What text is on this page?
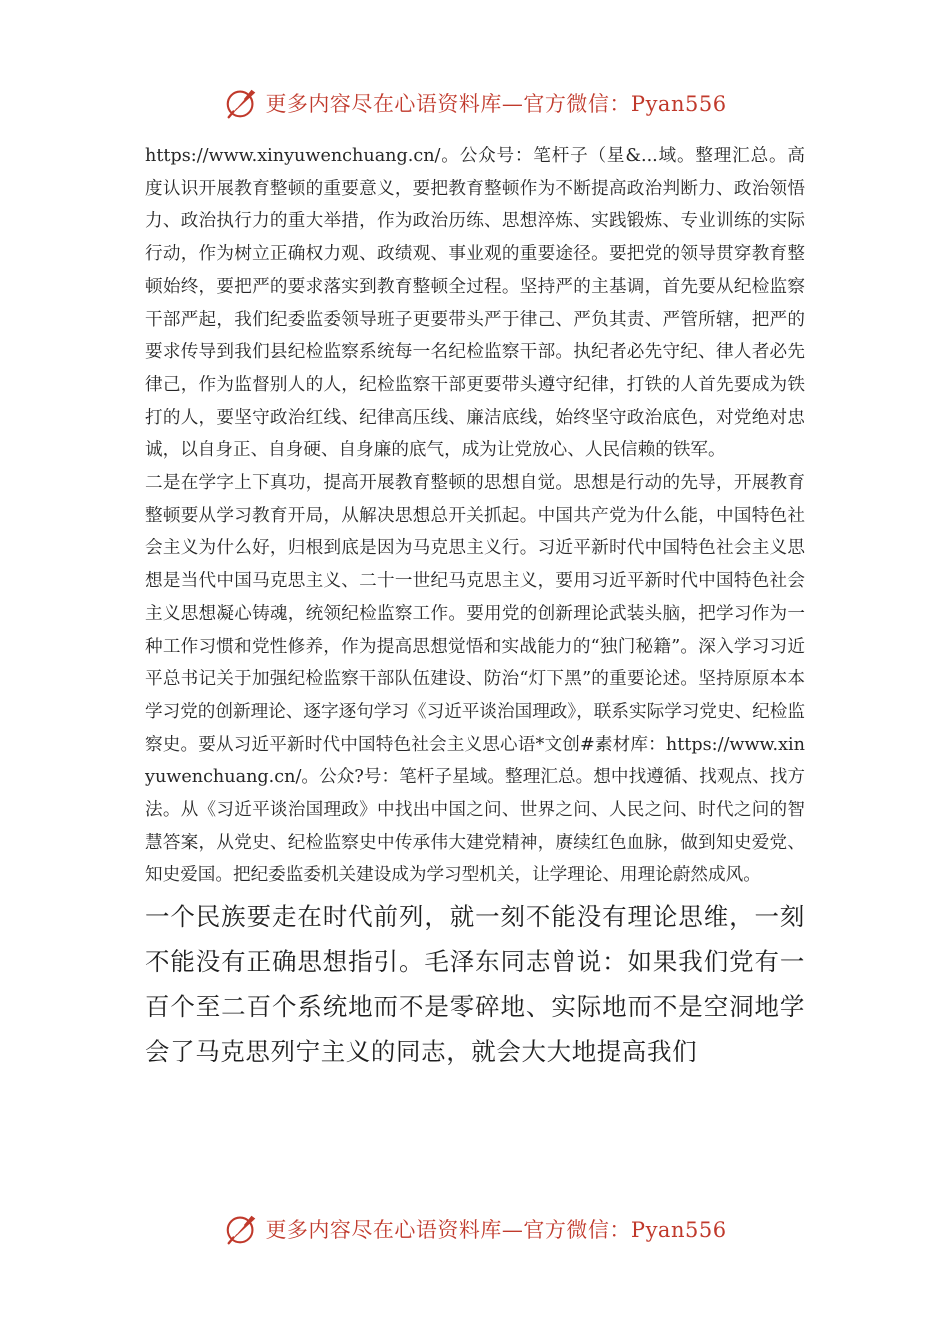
更多内容尽在心语资料库—官方微信：Pyan556

https://www.xinyuwenchuang.cn/。公众号：笔杆子（星&...域。整理汇总。高度认识开展教育整顿的重要意义，要把教育整顿作为不断提高政治判断力、政治领悟力、政治执行力的重大举措，作为政治历练、思想淬炼、实践锻炼、专业训练的实际行动，作为树立正确权力观、政绩观、事业观的重要途径。要把党的领导贯穿教育整顿始终，要把严的要求落实到教育整顿全过程。坚持严的主基调，首先要从纪检监察干部严起，我们纪委监委领导班子更要带头严于律己、严负其责、严管所辖，把严的要求传导到我们县纪检监察系统每一名纪检监察干部。执纪者必先守纪、律人者必先律己，作为监督别人的人，纪检监察干部更要带头遵守纪律，打铁的人首先要成为铁打的人，要坚守政治红线、纪律高压线、廉洁底线，始终坚守政治底色，对党绝对忠诚，以自身正、自身硬、自身廉的底气，成为让党放心、人民信赖的铁军。

二是在学字上下真功，提高开展教育整顿的思想自觉。思想是行动的先导，开展教育整顿要从学习教育开局，从解决思想总开关抓起。中国共产党为什么能，中国特色社会主义为什么好，归根到底是因为马克思主义行。习近平新时代中国特色社会主义思想是当代中国马克思主义、二十一世纪马克思主义，要用习近平新时代中国特色社会主义思想凝心铸魂，统领纪检监察工作。要用党的创新理论武装头脑，把学习作为一种工作习惯和党性修养，作为提高思想觉悟和实战能力的“独门秘籍”。深入学习习近平总书记关于加强纪检监察干部队伍建设、防治“灯下黑”的重要论述。坚持原原本本学习党的创新理论、逐字逐句学习《习近平谈治国理政》，联系实际学习党史、纪检监察史。要从习近平新时代中国特色社会主义思心语*文创#素材库：https://www.xinyuwenchuang.cn/。公众?号：笔杆子星域。整理汇总。想中找遵循、找观点、找方法。从《习近平谈治国理政》中找出中国之问、世界之问、人民之问、时代之问的智慧答案，从党史、纪检监察史中传承伟大建党精神，赓续红色血脉，做到知史爱党、知史爱国。把纪委监委机关建设成为学习型机关，让学理论、用理论蔚然成风。

一个民族要走在时代前列，就一刻不能没有理论思维，一刻不能没有正确思想指引。毛泽东同志曾说：如果我们党有一百个至二百个系统地而不是零碎地、实际地而不是空洞地学会了马克思列宁主义的同志，就会大大地提高我们

更多内容尽在心语资料库—官方微信：Pyan556
